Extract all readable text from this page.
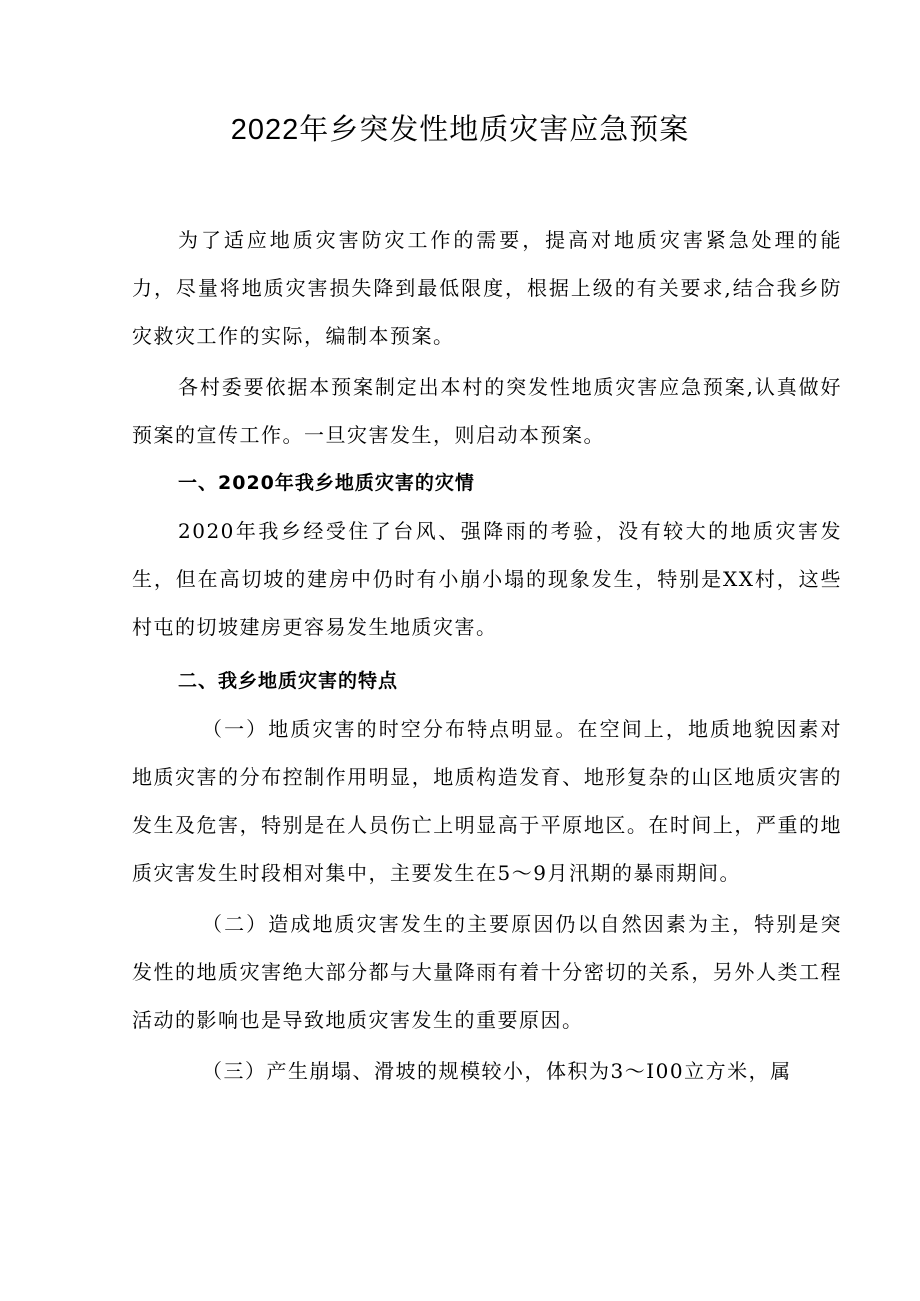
2022年乡突发性地质灾害应急预案

为了适应地质灾害防灾工作的需要，提高对地质灾害紧急处理的能力，尽量将地质灾害损失降到最低限度，根据上级的有关要求,结合我乡防灾救灾工作的实际，编制本预案。

各村委要依据本预案制定出本村的突发性地质灾害应急预案,认真做好预案的宣传工作。一旦灾害发生，则启动本预案。

一、2020年我乡地质灾害的灾情

2020年我乡经受住了台风、强降雨的考验，没有较大的地质灾害发生，但在高切坡的建房中仍时有小崩小塌的现象发生，特别是XX村，这些村屯的切坡建房更容易发生地质灾害。

二、我乡地质灾害的特点

（一）地质灾害的时空分布特点明显。在空间上，地质地貌因素对地质灾害的分布控制作用明显，地质构造发育、地形复杂的山区地质灾害的发生及危害，特别是在人员伤亡上明显高于平原地区。在时间上，严重的地质灾害发生时段相对集中，主要发生在5～9月汛期的暴雨期间。

（二）造成地质灾害发生的主要原因仍以自然因素为主，特别是突发性的地质灾害绝大部分都与大量降雨有着十分密切的关系，另外人类工程活动的影响也是导致地质灾害发生的重要原因。

（三）产生崩塌、滑坡的规模较小，体积为3～I00立方米，属
